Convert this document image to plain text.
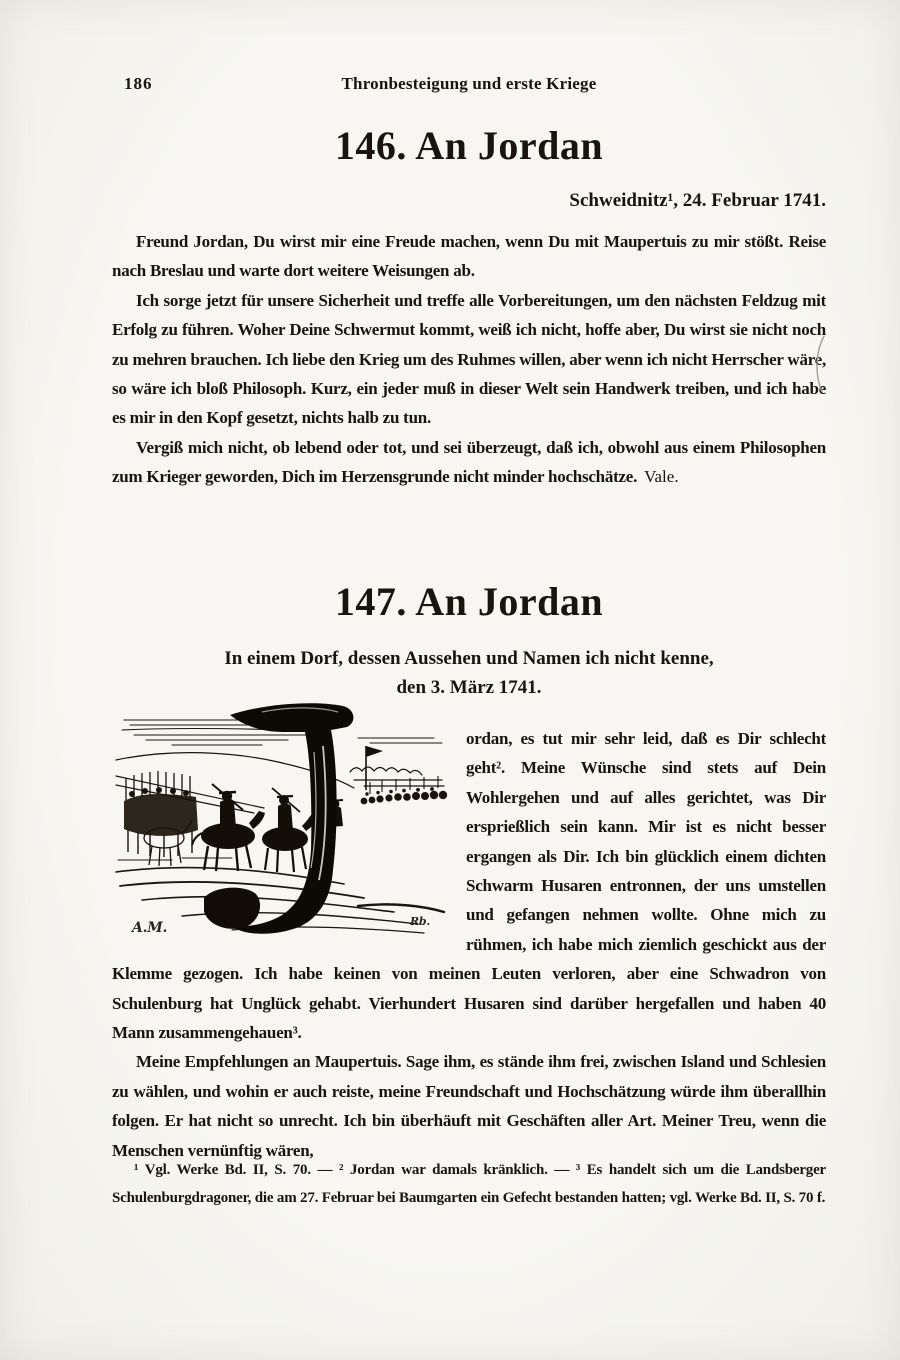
186	Thronbesteigung und erste Kriege
146. An Jordan
Schweidnitz¹, 24. Februar 1741.

Freund Jordan, Du wirst mir eine Freude machen, wenn Du mit Maupertuis zu mir stößt. Reise nach Breslau und warte dort weitere Weisungen ab.

Ich sorge jetzt für unsere Sicherheit und treffe alle Vorbereitungen, um den nächsten Feldzug mit Erfolg zu führen. Woher Deine Schwermut kommt, weiß ich nicht, hoffe aber, Du wirst sie nicht noch zu mehren brauchen. Ich liebe den Krieg um des Ruhmes willen, aber wenn ich nicht Herrscher wäre, so wäre ich bloß Philosoph. Kurz, ein jeder muß in dieser Welt sein Handwerk treiben, und ich habe es mir in den Kopf gesetzt, nichts halb zu tun.

Vergiß mich nicht, ob lebend oder tot, und sei überzeugt, daß ich, obwohl aus einem Philosophen zum Krieger geworden, Dich im Herzensgrunde nicht minder hochschätze. Vale.

147. An Jordan
In einem Dorf, dessen Aussehen und Namen ich nicht kenne,
den 3. März 1741.
A.M.	Rb.

ordan, es tut mir sehr leid, daß es Dir schlecht geht². Meine Wünsche sind stets auf Dein Wohlergehen und auf alles gerichtet, was Dir ersprießlich sein kann. Mir ist es nicht besser ergangen als Dir. Ich bin glücklich einem dichten Schwarm Husaren entronnen, der uns umstellen und gefangen nehmen wollte. Ohne mich zu rühmen, ich habe mich ziemlich geschickt aus der Klemme gezogen. Ich habe keinen von meinen Leuten verloren, aber eine Schwadron von Schulenburg hat Unglück gehabt. Vierhundert Husaren sind darüber hergefallen und haben 40 Mann zusammengehauen³.

Meine Empfehlungen an Maupertuis. Sage ihm, es stände ihm frei, zwischen Island und Schlesien zu wählen, und wohin er auch reiste, meine Freundschaft und Hochschätzung würde ihm überallhin folgen. Er hat nicht so unrecht. Ich bin überhäuft mit Geschäften aller Art. Meiner Treu, wenn die Menschen vernünftig wären,

¹ Vgl. Werke Bd. II, S. 70. — ² Jordan war damals kränklich. — ³ Es handelt sich um die Landsberger Schulenburgdragoner, die am 27. Februar bei Baumgarten ein Gefecht bestanden hatten; vgl. Werke Bd. II, S. 70 f.
